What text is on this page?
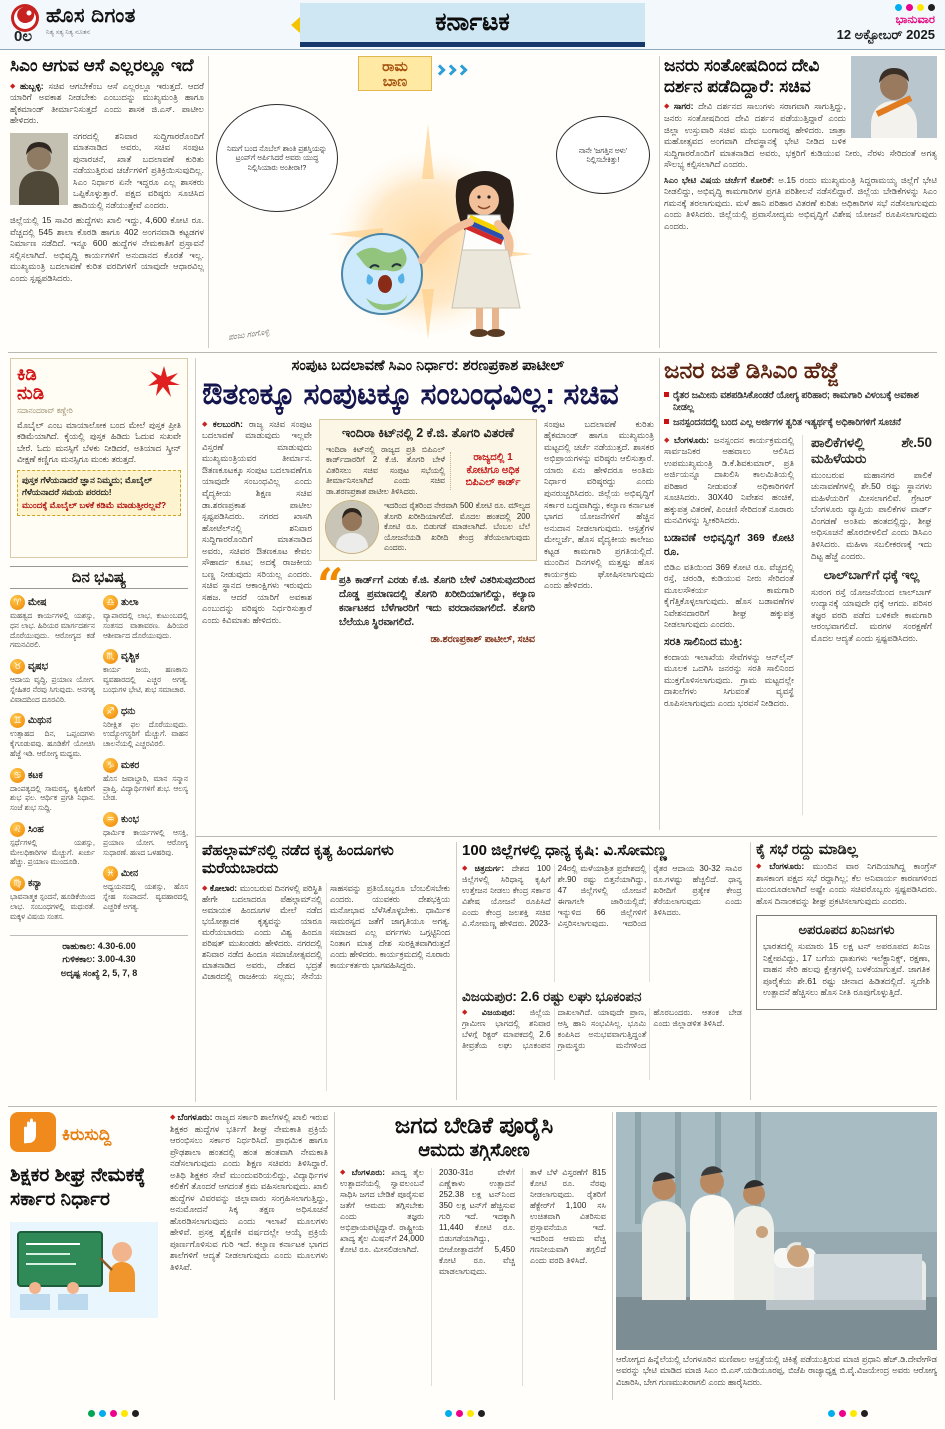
ಹೊಸ ದಿಗಂತ
ನಿತ್ಯ ಸತ್ಯ ನಿತ್ಯ ನೂತನ
0ಲ
ಕರ್ನಾಟಕ	ಭಾನುವಾರ
12 ಅಕ್ಟೋಬರ್ 2025
ಸಿಎಂ ಆಗುವ ಆಸೆ ಎಲ್ಲರಲ್ಲೂ ಇದೆ

◆ ಹುಬ್ಬಳ್ಳಿ: ಸಚಿವ ಆಗಬೇಕೆಂಬ ಆಸೆ ಎಲ್ಲರಲ್ಲೂ ಇರುತ್ತದೆ. ಆದರೆ ಯಾರಿಗೆ ಅವಕಾಶ ನೀಡಬೇಕು ಎಂಬುದನ್ನು ಮುಖ್ಯಮಂತ್ರಿ ಹಾಗೂ ಹೈಕಮಾಂಡ್ ತೀರ್ಮಾನಿಸುತ್ತದೆ ಎಂದು ಶಾಸಕ ಜಿ.ಎಸ್. ಪಾಟೀಲ ಹೇಳಿದರು.

ನಗರದಲ್ಲಿ ಶನಿವಾರ ಸುದ್ದಿಗಾರರೊಂದಿಗೆ ಮಾತನಾಡಿದ ಅವರು, ಸಚಿವ ಸಂಪುಟ ಪುನಾರಚನೆ, ಖಾತೆ ಬದಲಾವಣೆ ಕುರಿತು ನಡೆಯುತ್ತಿರುವ ಚರ್ಚೆಗಳಿಗೆ ಪ್ರತಿಕ್ರಿಯಿಸುವುದಿಲ್ಲ. ಸಿಎಂ ನಿರ್ಧಾರ ಏನೇ ಇದ್ದರೂ ಎಲ್ಲ ಶಾಸಕರು ಒಪ್ಪಿಕೊಳ್ಳುತ್ತಾರೆ. ಪಕ್ಷದ ವರಿಷ್ಠರು ಸೂಚಿಸಿದ ಹಾದಿಯಲ್ಲಿ ನಡೆಯುತ್ತೇವೆ ಎಂದರು.

ಜಿಲ್ಲೆಯಲ್ಲಿ 15 ಸಾವಿರ ಹುದ್ದೆಗಳು ಖಾಲಿ ಇದ್ದು, 4,600 ಕೋಟಿ ರೂ. ವೆಚ್ಚದಲ್ಲಿ 545 ಶಾಲಾ ಕೊಠಡಿ ಹಾಗೂ 402 ಅಂಗನವಾಡಿ ಕಟ್ಟಡಗಳ ನಿರ್ಮಾಣ ನಡೆದಿದೆ. ಇನ್ನೂ 600 ಹುದ್ದೆಗಳ ನೇಮಕಾತಿಗೆ ಪ್ರಸ್ತಾವನೆ ಸಲ್ಲಿಸಲಾಗಿದೆ. ಅಭಿವೃದ್ಧಿ ಕಾರ್ಯಗಳಿಗೆ ಅನುದಾನದ ಕೊರತೆ ಇಲ್ಲ. ಮುಖ್ಯಮಂತ್ರಿ ಬದಲಾವಣೆ ಕುರಿತ ವರದಿಗಳಿಗೆ ಯಾವುದೇ ಆಧಾರವಿಲ್ಲ ಎಂದು ಸ್ಪಷ್ಟಪಡಿಸಿದರು.

ರಾಮ
ಬಾಣ
ನಿಮಗೆ ಬಂದ ನೊಬೆಲ್ ಶಾಂತಿ ಪ್ರಶಸ್ತಿಯನ್ನು ಟ್ರಂಪ್‌ಗೆ ಅರ್ಪಿಸಿದರೆ ಅವರು ಯುದ್ಧ ನಿಲ್ಲಿಸಿಯಾರು ಅಂತೀರಾ!?
ನಾನೇ 'ಜಗತ್ತಿನ ಅಳು' ನಿಲ್ಲಿಸಬೇಕಿತ್ತು!
ಪಂಜು ಗಂಗೊಳ್ಳಿ
ಜನರು ಸಂತೋಷದಿಂದ ದೇವಿ ದರ್ಶನ ಪಡೆದಿದ್ದಾರೆ: ಸಚಿವ

◆ ಸಾಗರ: ದೇವಿ ದರ್ಶನದ ಸಾಲುಗಳು ಸರಾಗವಾಗಿ ಸಾಗುತ್ತಿದ್ದು, ಜನರು ಸಂತೋಷದಿಂದ ದೇವಿ ದರ್ಶನ ಪಡೆಯುತ್ತಿದ್ದಾರೆ ಎಂದು ಜಿಲ್ಲಾ ಉಸ್ತುವಾರಿ ಸಚಿವ ಮಧು ಬಂಗಾರಪ್ಪ ಹೇಳಿದರು. ಜಾತ್ರಾ ಮಹೋತ್ಸವದ ಅಂಗವಾಗಿ ದೇವಸ್ಥಾನಕ್ಕೆ ಭೇಟಿ ನೀಡಿದ ಬಳಿಕ ಸುದ್ದಿಗಾರರೊಂದಿಗೆ ಮಾತನಾಡಿದ ಅವರು, ಭಕ್ತರಿಗೆ ಕುಡಿಯುವ ನೀರು, ನೆರಳು ಸೇರಿದಂತೆ ಅಗತ್ಯ ಸೌಲಭ್ಯ ಕಲ್ಪಿಸಲಾಗಿದೆ ಎಂದರು.

ಸಿಎಂ ಭೇಟಿ ವಿಷಯ ಚರ್ಚೆಗೆ ಕೋರಿಕೆ: ಅ.15 ರಂದು ಮುಖ್ಯಮಂತ್ರಿ ಸಿದ್ದರಾಮಯ್ಯ ಜಿಲ್ಲೆಗೆ ಭೇಟಿ ನೀಡಲಿದ್ದು, ಅಭಿವೃದ್ಧಿ ಕಾಮಗಾರಿಗಳ ಪ್ರಗತಿ ಪರಿಶೀಲನೆ ನಡೆಸಲಿದ್ದಾರೆ. ಜಿಲ್ಲೆಯ ಬೇಡಿಕೆಗಳನ್ನು ಸಿಎಂ ಗಮನಕ್ಕೆ ತರಲಾಗುವುದು. ಮಳೆ ಹಾನಿ ಪರಿಹಾರ ವಿತರಣೆ ಕುರಿತು ಅಧಿಕಾರಿಗಳ ಸಭೆ ನಡೆಸಲಾಗುವುದು ಎಂದು ತಿಳಿಸಿದರು. ಜಿಲ್ಲೆಯಲ್ಲಿ ಪ್ರವಾಸೋದ್ಯಮ ಅಭಿವೃದ್ಧಿಗೆ ವಿಶೇಷ ಯೋಜನೆ ರೂಪಿಸಲಾಗುವುದು ಎಂದರು.

ಕಿಡಿ
ನುಡಿ
ಸದಾನಂದರಾವ್ ಕಣ್ಣೇರಿ
ಮೊಬೈಲ್ ಎಂಬ ಮಾಯಾಲೋಕ ಬಂದ ಮೇಲೆ ಪುಸ್ತಕ ಪ್ರೀತಿ ಕಡಿಮೆಯಾಗಿದೆ. ಕೈಯಲ್ಲಿ ಪುಸ್ತಕ ಹಿಡಿದು ಓದುವ ಸುಖವೇ ಬೇರೆ. ಓದು ಮನಸ್ಸಿಗೆ ಬೆಳಕು ನೀಡಿದರೆ, ಅತಿಯಾದ ಸ್ಕ್ರೀನ್ ವೀಕ್ಷಣೆ ಕಣ್ಣಿಗೂ ಮನಸ್ಸಿಗೂ ಮಂಕು ತರುತ್ತದೆ.
ಪುಸ್ತಕ ಗೆಳೆಯನಾದರೆ ಜ್ಞಾನ ನಿಮ್ಮದು; ಮೊಬೈಲ್ ಗೆಳೆಯನಾದರೆ ಸಮಯ ಪರರದು!
ಮುಂದಕ್ಕೆ ಮೊಬೈಲ್ ಬಳಕೆ ಕಡಿಮೆ ಮಾಡುತ್ತೀರಲ್ಲವೆ?
ದಿನ ಭವಿಷ್ಯ
♈ ಮೇಷ
ಮಹತ್ವದ ಕಾರ್ಯಗಳಲ್ಲಿ ಯಶಸ್ಸು, ಧನ ಲಾಭ. ಹಿರಿಯರ ಮಾರ್ಗದರ್ಶನ ದೊರೆಯುವುದು. ಆರೋಗ್ಯದ ಕಡೆ ಗಮನವಿರಲಿ.
♉ ವೃಷಭ
ಆದಾಯ ವೃದ್ಧಿ, ಪ್ರಯಾಣ ಯೋಗ. ಸ್ನೇಹಿತರ ನೆರವು ಸಿಗುವುದು. ಅನಗತ್ಯ ವಿವಾದದಿಂದ ದೂರವಿರಿ.
♊ ಮಿಥುನ
ಉತ್ಸಾಹದ ದಿನ, ಒಪ್ಪಂದಗಳು ಕೈಗೂಡುವವು. ಹೂಡಿಕೆಗೆ ಯೋಚಿಸಿ ಹೆಜ್ಜೆ ಇಡಿ. ಆರೋಗ್ಯ ಮಧ್ಯಮ.
♋ ಕಟಕ
ದಾಂಪತ್ಯದಲ್ಲಿ ಸಾಮರಸ್ಯ, ಕೃಷಿಕರಿಗೆ ಶುಭ ಫಲ. ಆರ್ಥಿಕ ಪ್ರಗತಿ ನಿಧಾನ. ಸಂಜೆ ಶುಭ ಸುದ್ದಿ.
♌ ಸಿಂಹ
ಸ್ಪರ್ಧೆಗಳಲ್ಲಿ ಯಶಸ್ಸು, ಮೇಲಧಿಕಾರಿಗಳ ಮೆಚ್ಚುಗೆ. ಖರ್ಚು ಹೆಚ್ಚು. ಪ್ರಯಾಣ ಮುಂದೂಡಿ.
♍ ಕನ್ಯಾ
ಭಾವನಾತ್ಮಕ ಸ್ಪಂದನೆ, ಹೂಡಿಕೆಯಿಂದ ಲಾಭ. ಸಂಬಂಧಗಳಲ್ಲಿ ಮಧುರತೆ. ಮಕ್ಕಳ ವಿಷಯ ಸಂತಸ.
♎ ತುಲಾ
ವ್ಯಾಪಾರದಲ್ಲಿ ಲಾಭ, ಕುಟುಂಬದಲ್ಲಿ ಸಂತಸದ ವಾತಾವರಣ. ಹಿರಿಯರ ಆಶೀರ್ವಾದ ದೊರೆಯುವುದು.
♏ ವೃಶ್ಚಿಕ
ಕಾರ್ಯ ಜಯ, ಹಣಕಾಸು ವ್ಯವಹಾರದಲ್ಲಿ ಎಚ್ಚರ ಅಗತ್ಯ. ಬಂಧುಗಳ ಭೇಟಿ, ಶುಭ ಸಮಾಚಾರ.
♐ ಧನು
ನಿರೀಕ್ಷಿತ ಫಲ ದೊರೆಯುವುದು. ಉದ್ಯೋಗಸ್ಥರಿಗೆ ಮೆಚ್ಚುಗೆ. ವಾಹನ ಚಾಲನೆಯಲ್ಲಿ ಎಚ್ಚರವಿರಲಿ.
♑ ಮಕರ
ಹೊಸ ಜವಾಬ್ದಾರಿ, ಮಾನ ಸನ್ಮಾನ ಪ್ರಾಪ್ತಿ. ವಿದ್ಯಾರ್ಥಿಗಳಿಗೆ ಶುಭ. ಆಲಸ್ಯ ಬೇಡ.
♒ ಕುಂಭ
ಧಾರ್ಮಿಕ ಕಾರ್ಯಗಳಲ್ಲಿ ಆಸಕ್ತಿ, ಪ್ರಯಾಣ ಯೋಗ. ಆರೋಗ್ಯ ಸುಧಾರಣೆ. ಹಣದ ಒಳಹರಿವು.
♓ ಮೀನ
ಅಧ್ಯಯನದಲ್ಲಿ ಯಶಸ್ಸು, ಹೊಸ ಸ್ನೇಹ ಸಂಪಾದನೆ. ವ್ಯವಹಾರದಲ್ಲಿ ಎಚ್ಚರಿಕೆ ಅಗತ್ಯ.
ರಾಹುಕಾಲ: 4.30-6.00
ಗುಳಿಕಕಾಲ: 3.00-4.30
ಅದೃಷ್ಟ ಸಂಖ್ಯೆ 2, 5, 7, 8
ಸಂಪುಟ ಬದಲಾವಣೆ ಸಿಎಂ ನಿರ್ಧಾರ: ಶರಣಪ್ರಕಾಶ ಪಾಟೀಲ್
ಔತಣಕ್ಕೂ ಸಂಪುಟಕ್ಕೂ ಸಂಬಂಧವಿಲ್ಲ: ಸಚಿವ

◆ ಕಲಬುರಗಿ: ರಾಜ್ಯ ಸಚಿವ ಸಂಪುಟ ಬದಲಾವಣೆ ಮಾಡುವುದು ಇಲ್ಲವೇ ವಿಸ್ತರಣೆ ಮಾಡುವುದು ಮುಖ್ಯಮಂತ್ರಿಯವರ ತೀರ್ಮಾನ. ಔತಣಕೂಟಕ್ಕೂ ಸಂಪುಟ ಬದಲಾವಣೆಗೂ ಯಾವುದೇ ಸಂಬಂಧವಿಲ್ಲ ಎಂದು ವೈದ್ಯಕೀಯ ಶಿಕ್ಷಣ ಸಚಿವ ಡಾ.ಶರಣಪ್ರಕಾಶ ಪಾಟೀಲ ಸ್ಪಷ್ಟಪಡಿಸಿದರು. ನಗರದ ಖಾಸಗಿ ಹೋಟೆಲ್‌ನಲ್ಲಿ ಶನಿವಾರ ಸುದ್ದಿಗಾರರೊಂದಿಗೆ ಮಾತನಾಡಿದ ಅವರು, ಸಚಿವರ ಔತಣಕೂಟ ಕೇವಲ ಸೌಹಾರ್ದ ಕೂಟ; ಅದಕ್ಕೆ ರಾಜಕೀಯ ಬಣ್ಣ ನೀಡುವುದು ಸರಿಯಲ್ಲ ಎಂದರು. ಸಚಿವ ಸ್ಥಾನದ ಆಕಾಂಕ್ಷಿಗಳು ಇರುವುದು ಸಹಜ. ಆದರೆ ಯಾರಿಗೆ ಅವಕಾಶ ಎಂಬುದನ್ನು ವರಿಷ್ಠರು ನಿರ್ಧರಿಸುತ್ತಾರೆ ಎಂದು ಕಿವಿಮಾತು ಹೇಳಿದರು.

ಇಂದಿರಾ ಕಿಟ್‌ನಲ್ಲಿ 2 ಕೆ.ಜಿ. ತೊಗರಿ ವಿತರಣೆ
ಇಂದಿರಾ ಕಿಟ್‌ನಲ್ಲಿ ರಾಜ್ಯದ ಪ್ರತಿ ಬಿಪಿಎಲ್ ಕಾರ್ಡ್‌ದಾರರಿಗೆ 2 ಕೆ.ಜಿ. ತೊಗರಿ ಬೇಳೆ ವಿತರಿಸಲು ಸಚಿವ ಸಂಪುಟ ಸಭೆಯಲ್ಲಿ ತೀರ್ಮಾನಿಸಲಾಗಿದೆ ಎಂದು ಸಚಿವ ಡಾ.ಶರಣಪ್ರಕಾಶ ಪಾಟೀಲ ತಿಳಿಸಿದರು.
ರಾಜ್ಯದಲ್ಲಿ 1 ಕೋಟಿಗೂ ಅಧಿಕ ಬಿಪಿಎಲ್ ಕಾರ್ಡ್
ಇದರಿಂದ ರೈತರಿಂದ ನೇರವಾಗಿ 500 ಕೋಟಿ ರೂ. ಮೌಲ್ಯದ ತೊಗರಿ ಖರೀದಿಯಾಗಲಿದೆ. ಮೊದಲ ಹಂತದಲ್ಲಿ 200 ಕೋಟಿ ರೂ. ಬಿಡುಗಡೆ ಮಾಡಲಾಗಿದೆ. ಬೆಂಬಲ ಬೆಲೆ ಯೋಜನೆಯಡಿ ಖರೀದಿ ಕೇಂದ್ರ ತೆರೆಯಲಾಗುವುದು ಎಂದರು.
“
ಪ್ರತಿ ಕಾರ್ಡ್‌ಗೆ ಎರಡು ಕೆ.ಜಿ. ತೊಗರಿ ಬೇಳೆ ವಿತರಿಸುವುದರಿಂದ ದೊಡ್ಡ ಪ್ರಮಾಣದಲ್ಲಿ ತೊಗರಿ ಖರೀದಿಯಾಗಲಿದ್ದು, ಕಲ್ಯಾಣ ಕರ್ನಾಟಕದ ಬೆಳೆಗಾರರಿಗೆ ಇದು ವರದಾನವಾಗಲಿದೆ. ತೊಗರಿ ಬೆಲೆಯೂ ಸ್ಥಿರವಾಗಲಿದೆ.
ಡಾ.ಶರಣಪ್ರಕಾಶ್ ಪಾಟೀಲ್, ಸಚಿವ

ಸಂಪುಟ ಬದಲಾವಣೆ ಕುರಿತು ಹೈಕಮಾಂಡ್ ಹಾಗೂ ಮುಖ್ಯಮಂತ್ರಿ ಮಟ್ಟದಲ್ಲಿ ಚರ್ಚೆ ನಡೆಯುತ್ತದೆ. ಶಾಸಕರ ಅಭಿಪ್ರಾಯಗಳನ್ನು ವರಿಷ್ಠರು ಆಲಿಸುತ್ತಾರೆ. ಯಾರು ಏನು ಹೇಳಿದರೂ ಅಂತಿಮ ನಿರ್ಧಾರ ವರಿಷ್ಠರದ್ದು ಎಂದು ಪುನರುಚ್ಚರಿಸಿದರು. ಜಿಲ್ಲೆಯ ಅಭಿವೃದ್ಧಿಗೆ ಸರ್ಕಾರ ಬದ್ಧವಾಗಿದ್ದು, ಕಲ್ಯಾಣ ಕರ್ನಾಟಕ ಭಾಗದ ಯೋಜನೆಗಳಿಗೆ ಹೆಚ್ಚಿನ ಅನುದಾನ ನೀಡಲಾಗುವುದು. ಆಸ್ಪತ್ರೆಗಳ ಮೇಲ್ದರ್ಜೆ, ಹೊಸ ವೈದ್ಯಕೀಯ ಕಾಲೇಜು ಕಟ್ಟಡ ಕಾಮಗಾರಿ ಪ್ರಗತಿಯಲ್ಲಿದೆ. ಮುಂದಿನ ದಿನಗಳಲ್ಲಿ ಮತ್ತಷ್ಟು ಹೊಸ ಕಾರ್ಯಕ್ರಮ ಘೋಷಿಸಲಾಗುವುದು ಎಂದು ಹೇಳಿದರು.

ಜನರ ಜತೆ ಡಿಸಿಎಂ ಹೆಜ್ಜೆ
ರೈತರ ಜಮೀನು ವಶಪಡಿಸಿಕೊಂಡರೆ ಯೋಗ್ಯ ಪರಿಹಾರ; ಕಾಮಗಾರಿ ವಿಳಂಬಕ್ಕೆ ಅವಕಾಶ ನೀಡಲ್ಲ
ಜನಸ್ಪಂದನದಲ್ಲಿ ಬಂದ ಎಲ್ಲ ಅರ್ಜಿಗಳ ತ್ವರಿತ ಇತ್ಯರ್ಥಕ್ಕೆ ಅಧಿಕಾರಿಗಳಿಗೆ ಸೂಚನೆ

◆ ಬೆಂಗಳೂರು: ಜನಸ್ಪಂದನ ಕಾರ್ಯಕ್ರಮದಲ್ಲಿ ಸಾರ್ವಜನಿಕರ ಅಹವಾಲು ಆಲಿಸಿದ ಉಪಮುಖ್ಯಮಂತ್ರಿ ಡಿ.ಕೆ.ಶಿವಕುಮಾರ್, ಪ್ರತಿ ಅರ್ಜಿಯನ್ನೂ ದಾಖಲಿಸಿ ಕಾಲಮಿತಿಯಲ್ಲಿ ಪರಿಹಾರ ನೀಡುವಂತೆ ಅಧಿಕಾರಿಗಳಿಗೆ ಸೂಚಿಸಿದರು. 30X40 ನಿವೇಶನ ಹಂಚಿಕೆ, ಹಕ್ಕುಪತ್ರ ವಿತರಣೆ, ಪಿಂಚಣಿ ಸೇರಿದಂತೆ ನೂರಾರು ಮನವಿಗಳನ್ನು ಸ್ವೀಕರಿಸಿದರು.

ಬಡಾವಣೆ ಅಭಿವೃದ್ಧಿಗೆ 369 ಕೋಟಿ ರೂ.

ಬಿಡಿಎ ವತಿಯಿಂದ 369 ಕೋಟಿ ರೂ. ವೆಚ್ಚದಲ್ಲಿ ರಸ್ತೆ, ಚರಂಡಿ, ಕುಡಿಯುವ ನೀರು ಸೇರಿದಂತೆ ಮೂಲಸೌಕರ್ಯ ಕಾಮಗಾರಿ ಕೈಗೆತ್ತಿಕೊಳ್ಳಲಾಗುವುದು. ಹೊಸ ಬಡಾವಣೆಗಳ ನಿವೇಶನದಾರರಿಗೆ ಶೀಘ್ರ ಹಕ್ಕುಪತ್ರ ನೀಡಲಾಗುವುದು ಎಂದರು.

ಸರತಿ ಸಾಲಿನಿಂದ ಮುಕ್ತಿ:

ಕಂದಾಯ ಇಲಾಖೆಯ ಸೇವೆಗಳನ್ನು ಆನ್‌ಲೈನ್ ಮೂಲಕ ಒದಗಿಸಿ ಜನರನ್ನು ಸರತಿ ಸಾಲಿನಿಂದ ಮುಕ್ತಗೊಳಿಸಲಾಗುವುದು. ಗ್ರಾಮ ಮಟ್ಟದಲ್ಲೇ ದಾಖಲೆಗಳು ಸಿಗುವಂತೆ ವ್ಯವಸ್ಥೆ ರೂಪಿಸಲಾಗುವುದು ಎಂದು ಭರವಸೆ ನೀಡಿದರು.

ಪಾಲಿಕೆಗಳಲ್ಲಿ ಶೇ.50 ಮಹಿಳೆಯರು

ಮುಂಬರುವ ಮಹಾನಗರ ಪಾಲಿಕೆ ಚುನಾವಣೆಗಳಲ್ಲಿ ಶೇ.50 ರಷ್ಟು ಸ್ಥಾನಗಳು ಮಹಿಳೆಯರಿಗೆ ಮೀಸಲಾಗಲಿವೆ. ಗ್ರೇಟರ್ ಬೆಂಗಳೂರು ವ್ಯಾಪ್ತಿಯ ಪಾಲಿಕೆಗಳ ವಾರ್ಡ್ ವಿಂಗಡಣೆ ಅಂತಿಮ ಹಂತದಲ್ಲಿದ್ದು, ಶೀಘ್ರ ಅಧಿಸೂಚನೆ ಹೊರಬೀಳಲಿದೆ ಎಂದು ಡಿಸಿಎಂ ತಿಳಿಸಿದರು. ಮಹಿಳಾ ಸಬಲೀಕರಣಕ್ಕೆ ಇದು ದಿಟ್ಟ ಹೆಜ್ಜೆ ಎಂದರು.

ಲಾಲ್‌ಬಾಗ್‌ಗೆ ಧಕ್ಕೆ ಇಲ್ಲ

ಸುರಂಗ ರಸ್ತೆ ಯೋಜನೆಯಿಂದ ಲಾಲ್‌ಬಾಗ್ ಉದ್ಯಾನಕ್ಕೆ ಯಾವುದೇ ಧಕ್ಕೆ ಆಗದು. ಪರಿಸರ ತಜ್ಞರ ವರದಿ ಪಡೆದ ಬಳಿಕವೇ ಕಾಮಗಾರಿ ಆರಂಭವಾಗಲಿದೆ. ಮರಗಳ ಸಂರಕ್ಷಣೆಗೆ ಮೊದಲ ಆದ್ಯತೆ ಎಂದು ಸ್ಪಷ್ಟಪಡಿಸಿದರು.

ಪೆಹಲ್ಗಾಮ್‌ನಲ್ಲಿ ನಡೆದ ಕೃತ್ಯ ಹಿಂದೂಗಳು ಮರೆಯಬಾರದು

◆ ಕೋಲಾರ: ಮುಂಬರುವ ದಿನಗಳಲ್ಲಿ ಪರಿಸ್ಥಿತಿ ಹೇಗೇ ಬದಲಾದರೂ ಪೆಹಲ್ಗಾಮ್‌ನಲ್ಲಿ ಅಮಾಯಕ ಹಿಂದೂಗಳ ಮೇಲೆ ನಡೆದ ಭಯೋತ್ಪಾದಕ ಕೃತ್ಯವನ್ನು ಯಾರೂ ಮರೆಯಬಾರದು ಎಂದು ವಿಶ್ವ ಹಿಂದೂ ಪರಿಷತ್ ಮುಖಂಡರು ಹೇಳಿದರು. ನಗರದಲ್ಲಿ ಶನಿವಾರ ನಡೆದ ಹಿಂದೂ ಸಮಾಜೋತ್ಸವದಲ್ಲಿ ಮಾತನಾಡಿದ ಅವರು, ದೇಶದ ಭದ್ರತೆ ವಿಚಾರದಲ್ಲಿ ರಾಜಕೀಯ ಸಲ್ಲದು; ಸೇನೆಯ ಸಾಹಸವನ್ನು ಪ್ರತಿಯೊಬ್ಬರೂ ಬೆಂಬಲಿಸಬೇಕು ಎಂದರು. ಯುವಕರು ದೇಶಭಕ್ತಿಯ ಮನೋಭಾವ ಬೆಳೆಸಿಕೊಳ್ಳಬೇಕು. ಧಾರ್ಮಿಕ ಸಾಮರಸ್ಯದ ಜತೆಗೆ ಜಾಗೃತಿಯೂ ಅಗತ್ಯ. ಸಮಾಜದ ಎಲ್ಲ ವರ್ಗಗಳು ಒಗ್ಗಟ್ಟಿನಿಂದ ನಿಂತಾಗ ಮಾತ್ರ ದೇಶ ಸುರಕ್ಷಿತವಾಗಿರುತ್ತದೆ ಎಂದು ಹೇಳಿದರು. ಕಾರ್ಯಕ್ರಮದಲ್ಲಿ ನೂರಾರು ಕಾರ್ಯಕರ್ತರು ಭಾಗವಹಿಸಿದ್ದರು.

100 ಜಿಲ್ಲೆಗಳಲ್ಲಿ ಧಾನ್ಯ ಕೃಷಿ: ವಿ.ಸೋಮಣ್ಣ

◆ ಚಿತ್ರದುರ್ಗ: ದೇಶದ 100 ಜಿಲ್ಲೆಗಳಲ್ಲಿ ಸಿರಿಧಾನ್ಯ ಕೃಷಿಗೆ ಉತ್ತೇಜನ ನೀಡಲು ಕೇಂದ್ರ ಸರ್ಕಾರ ವಿಶೇಷ ಯೋಜನೆ ರೂಪಿಸಿದೆ ಎಂದು ಕೇಂದ್ರ ಜಲಶಕ್ತಿ ಸಚಿವ ವಿ.ಸೋಮಣ್ಣ ಹೇಳಿದರು. 2023-24ರಲ್ಲಿ ಮಳೆಯಾಶ್ರಿತ ಪ್ರದೇಶದಲ್ಲಿ ಶೇ.90 ರಷ್ಟು ಬಿತ್ತನೆಯಾಗಿದ್ದು, 47 ಜಿಲ್ಲೆಗಳಲ್ಲಿ ಯೋಜನೆ ಈಗಾಗಲೇ ಜಾರಿಯಲ್ಲಿದೆ; ಇನ್ನುಳಿದ 66 ಜಿಲ್ಲೆಗಳಿಗೆ ವಿಸ್ತರಿಸಲಾಗುವುದು. ಇದರಿಂದ ರೈತರ ಆದಾಯ 30-32 ಸಾವಿರ ರೂ.ಗಳಷ್ಟು ಹೆಚ್ಚಲಿದೆ. ಧಾನ್ಯ ಖರೀದಿಗೆ ಪ್ರತ್ಯೇಕ ಕೇಂದ್ರ ತೆರೆಯಲಾಗುವುದು ಎಂದು ತಿಳಿಸಿದರು.

ವಿಜಯಪುರ: 2.6 ರಷ್ಟು ಲಘು ಭೂಕಂಪನ

◆ ವಿಜಯಪುರ: ಜಿಲ್ಲೆಯ ಗ್ರಾಮೀಣ ಭಾಗದಲ್ಲಿ ಶನಿವಾರ ಬೆಳಗ್ಗೆ ರಿಕ್ಟರ್ ಮಾಪಕದಲ್ಲಿ 2.6 ತೀವ್ರತೆಯ ಲಘು ಭೂಕಂಪನ ದಾಖಲಾಗಿದೆ. ಯಾವುದೇ ಪ್ರಾಣ, ಆಸ್ತಿ ಹಾನಿ ಸಂಭವಿಸಿಲ್ಲ. ಭೂಮಿ ಕಂಪಿಸಿದ ಅನುಭವವಾಗುತ್ತಿದ್ದಂತೆ ಗ್ರಾಮಸ್ಥರು ಮನೆಗಳಿಂದ ಹೊರಬಂದರು. ಆತಂಕ ಬೇಡ ಎಂದು ಜಿಲ್ಲಾಡಳಿತ ತಿಳಿಸಿದೆ.

ಕೈ ಸಭೆ ರದ್ದು ಮಾಡಿಲ್ಲ

◆ ಬೆಂಗಳೂರು: ಮುಂದಿನ ವಾರ ನಿಗದಿಯಾಗಿದ್ದ ಕಾಂಗ್ರೆಸ್ ಶಾಸಕಾಂಗ ಪಕ್ಷದ ಸಭೆ ರದ್ದಾಗಿಲ್ಲ; ಕೆಲ ಅನಿವಾರ್ಯ ಕಾರಣಗಳಿಂದ ಮುಂದೂಡಲಾಗಿದೆ ಅಷ್ಟೇ ಎಂದು ಸಚಿವರೊಬ್ಬರು ಸ್ಪಷ್ಟಪಡಿಸಿದರು. ಹೊಸ ದಿನಾಂಕವನ್ನು ಶೀಘ್ರ ಪ್ರಕಟಿಸಲಾಗುವುದು ಎಂದರು.

ಅಪರೂಪದ ಖನಿಜಗಳು

ಭಾರತದಲ್ಲಿ ಸುಮಾರು 15 ಲಕ್ಷ ಟನ್ ಅಪರೂಪದ ಖನಿಜ ನಿಕ್ಷೇಪವಿದ್ದು, 17 ಬಗೆಯ ಧಾತುಗಳು ಇಲೆಕ್ಟ್ರಾನಿಕ್ಸ್, ರಕ್ಷಣಾ, ವಾಹನ ಸೇರಿ ಹಲವು ಕ್ಷೇತ್ರಗಳಲ್ಲಿ ಬಳಕೆಯಾಗುತ್ತವೆ. ಜಾಗತಿಕ ಪೂರೈಕೆಯ ಶೇ.61 ರಷ್ಟು ಚೀನಾದ ಹಿಡಿತದಲ್ಲಿದೆ. ಸ್ವದೇಶಿ ಉತ್ಪಾದನೆ ಹೆಚ್ಚಿಸಲು ಹೊಸ ನೀತಿ ರೂಪುಗೊಳ್ಳುತ್ತಿದೆ.

ಕಿರುಸುದ್ದಿ
ಶಿಕ್ಷಕರ ಶೀಘ್ರ ನೇಮಕಕ್ಕೆ ಸರ್ಕಾರ ನಿರ್ಧಾರ

◆ ಬೆಂಗಳೂರು: ರಾಜ್ಯದ ಸರ್ಕಾರಿ ಶಾಲೆಗಳಲ್ಲಿ ಖಾಲಿ ಇರುವ ಶಿಕ್ಷಕರ ಹುದ್ದೆಗಳ ಭರ್ತಿಗೆ ಶೀಘ್ರ ನೇಮಕಾತಿ ಪ್ರಕ್ರಿಯೆ ಆರಂಭಿಸಲು ಸರ್ಕಾರ ನಿರ್ಧರಿಸಿದೆ. ಪ್ರಾಥಮಿಕ ಹಾಗೂ ಪ್ರೌಢಶಾಲಾ ಹಂತದಲ್ಲಿ ಹಂತ ಹಂತವಾಗಿ ನೇಮಕಾತಿ ನಡೆಸಲಾಗುವುದು ಎಂದು ಶಿಕ್ಷಣ ಸಚಿವರು ತಿಳಿಸಿದ್ದಾರೆ. ಅತಿಥಿ ಶಿಕ್ಷಕರ ಸೇವೆ ಮುಂದುವರಿಯಲಿದ್ದು, ವಿದ್ಯಾರ್ಥಿಗಳ ಕಲಿಕೆಗೆ ತೊಂದರೆ ಆಗದಂತೆ ಕ್ರಮ ವಹಿಸಲಾಗುವುದು. ಖಾಲಿ ಹುದ್ದೆಗಳ ವಿವರವನ್ನು ಜಿಲ್ಲಾವಾರು ಸಂಗ್ರಹಿಸಲಾಗುತ್ತಿದ್ದು, ಅನುಮೋದನೆ ಸಿಕ್ಕ ತಕ್ಷಣ ಅಧಿಸೂಚನೆ ಹೊರಡಿಸಲಾಗುವುದು ಎಂದು ಇಲಾಖೆ ಮೂಲಗಳು ಹೇಳಿವೆ. ಪ್ರಸಕ್ತ ಶೈಕ್ಷಣಿಕ ವರ್ಷದಲ್ಲೇ ಆಯ್ಕೆ ಪ್ರಕ್ರಿಯೆ ಪೂರ್ಣಗೊಳಿಸುವ ಗುರಿ ಇದೆ. ಕಲ್ಯಾಣ ಕರ್ನಾಟಕ ಭಾಗದ ಶಾಲೆಗಳಿಗೆ ಆದ್ಯತೆ ನೀಡಲಾಗುವುದು ಎಂದು ಮೂಲಗಳು ತಿಳಿಸಿವೆ.

ಜಗದ ಬೇಡಿಕೆ ಪೂರೈಸಿ
ಆಮದು ತಗ್ಗಿಸೋಣ
◆ ಬೆಂಗಳೂರು: ಖಾದ್ಯ ತೈಲ ಉತ್ಪಾದನೆಯಲ್ಲಿ ಸ್ವಾವಲಂಬನೆ ಸಾಧಿಸಿ ಜಗದ ಬೇಡಿಕೆ ಪೂರೈಸುವ ಜತೆಗೆ ಆಮದು ತಗ್ಗಿಸಬೇಕು ಎಂದು ತಜ್ಞರು ಅಭಿಪ್ರಾಯಪಟ್ಟಿದ್ದಾರೆ. ರಾಷ್ಟ್ರೀಯ ಖಾದ್ಯ ತೈಲ ಮಿಷನ್‌ಗೆ 24,000 ಕೋಟಿ ರೂ. ಮೀಸಲಿಡಲಾಗಿದೆ.
2030-31ರ ವೇಳೆಗೆ ಎಣ್ಣೆಕಾಳು ಉತ್ಪಾದನೆ 252.38 ಲಕ್ಷ ಟನ್‌ನಿಂದ 350 ಲಕ್ಷ ಟನ್‌ಗೆ ಹೆಚ್ಚಿಸುವ ಗುರಿ ಇದೆ. ಇದಕ್ಕಾಗಿ 11,440 ಕೋಟಿ ರೂ. ಬಿಡುಗಡೆಯಾಗಿದ್ದು, ಬೀಜೋತ್ಪಾದನೆಗೆ 5,450 ಕೋಟಿ ರೂ. ವೆಚ್ಚ ಮಾಡಲಾಗುವುದು.
ತಾಳೆ ಬೆಳೆ ವಿಸ್ತರಣೆಗೆ 815 ಕೋಟಿ ರೂ. ನೆರವು ನೀಡಲಾಗುವುದು. ರೈತರಿಗೆ ಹೆಕ್ಟೇರ್‌ಗೆ 1,100 ಸಸಿ ಉಚಿತವಾಗಿ ವಿತರಿಸುವ ಪ್ರಸ್ತಾವನೆಯೂ ಇದೆ. ಇದರಿಂದ ಆಮದು ವೆಚ್ಚ ಗಣನೀಯವಾಗಿ ತಗ್ಗಲಿದೆ ಎಂದು ವರದಿ ತಿಳಿಸಿದೆ.
ಆರೋಗ್ಯದ ಹಿನ್ನೆಲೆಯಲ್ಲಿ ಬೆಂಗಳೂರಿನ ಮಣಿಪಾಲ ಆಸ್ಪತ್ರೆಯಲ್ಲಿ ಚಿಕಿತ್ಸೆ ಪಡೆಯುತ್ತಿರುವ ಮಾಜಿ ಪ್ರಧಾನಿ ಹೆಚ್.ಡಿ.ದೇವೇಗೌಡ ಅವರನ್ನು ಭೇಟಿ ಮಾಡಿದ ಮಾಜಿ ಸಿಎಂ ಬಿ.ಎಸ್.ಯಡಿಯೂರಪ್ಪ, ಬಿಜೆಪಿ ರಾಜ್ಯಾಧ್ಯಕ್ಷ ಬಿ.ವೈ.ವಿಜಯೇಂದ್ರ ಅವರು ಆರೋಗ್ಯ ವಿಚಾರಿಸಿ, ಬೇಗ ಗುಣಮುಖರಾಗಲಿ ಎಂದು ಹಾರೈಸಿದರು.
